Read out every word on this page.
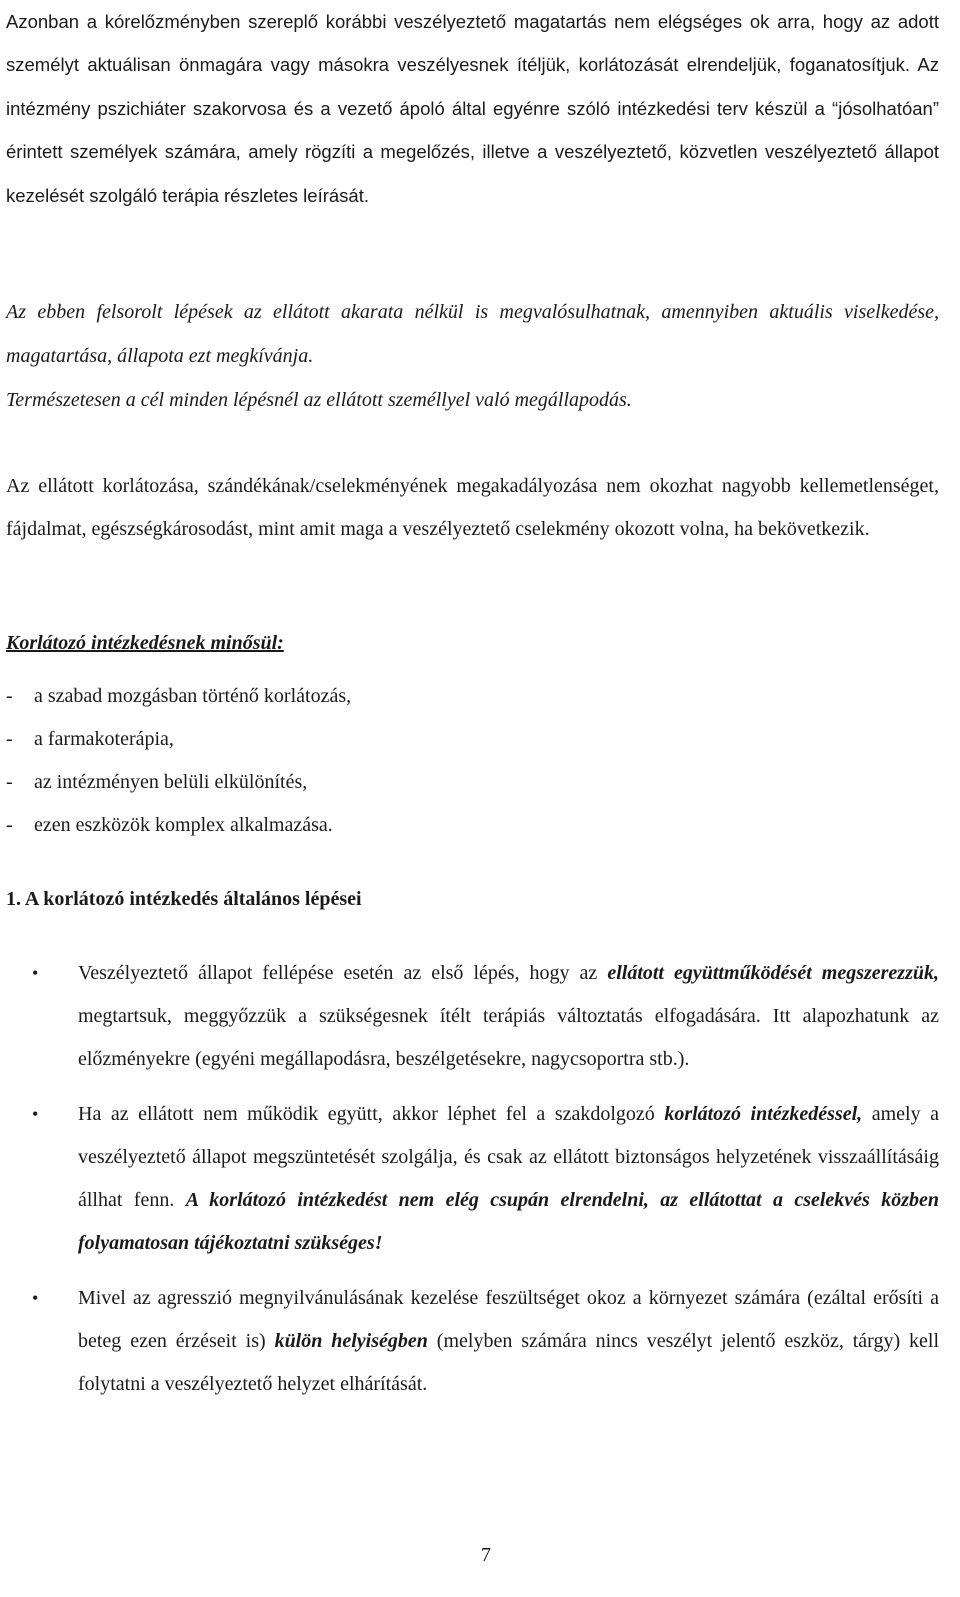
Azonban a kórelőzményben szereplő korábbi veszélyeztető magatartás nem elégséges ok arra, hogy az adott személyt aktuálisan önmagára vagy másokra veszélyesnek ítéljük, korlátozását elrendeljük, foganatosítjuk. Az intézmény pszichiáter szakorvosa és a vezető ápoló által egyénre szóló intézkedési terv készül a “jósolhatóan” érintett személyek számára, amely rögzíti a megelőzés, illetve a veszélyeztető, közvetlen veszélyeztető állapot kezelését szolgáló terápia részletes leírását.

Az ebben felsorolt lépések az ellátott akarata nélkül is megvalósulhatnak, amennyiben aktuális viselkedése, magatartása, állapota ezt megkívánja.
Természetesen a cél minden lépésnél az ellátott személlyel való megállapodás.

Az ellátott korlátozása, szándékának/cselekményének megakadályozása nem okozhat nagyobb kellemetlenséget, fájdalmat, egészségkárosodást, mint amit maga a veszélyeztető cselekmény okozott volna, ha bekövetkezik.

Korlátozó intézkedésnek minősül:

-	a szabad mozgásban történő korlátozás,
-	a farmakoterápia,
-	az intézményen belüli elkülönítés,
-	ezen eszközök komplex alkalmazása.
1. A korlátozó intézkedés általános lépései
• Veszélyeztető állapot fellépése esetén az első lépés, hogy az ellátott együttműködését megszerezzük, megtartsuk, meggyőzzük a szükségesnek ítélt terápiás változtatás elfogadására. Itt alapozhatunk az előzményekre (egyéni megállapodásra, beszélgetésekre, nagycsoportra stb.).
• Ha az ellátott nem működik együtt, akkor léphet fel a szakdolgozó korlátozó intézkedéssel, amely a veszélyeztető állapot megszüntetését szolgálja, és csak az ellátott biztonságos helyzetének visszaállításáig állhat fenn. A korlátozó intézkedést nem elég csupán elrendelni, az ellátottat a cselekvés közben folyamatosan tájékoztatni szükséges!
• Mivel az agresszió megnyilvánulásának kezelése feszültséget okoz a környezet számára (ezáltal erősíti a beteg ezen érzéseit is) külön helyiségben (melyben számára nincs veszélyt jelentő eszköz, tárgy) kell folytatni a veszélyeztető helyzet elhárítását.
7
